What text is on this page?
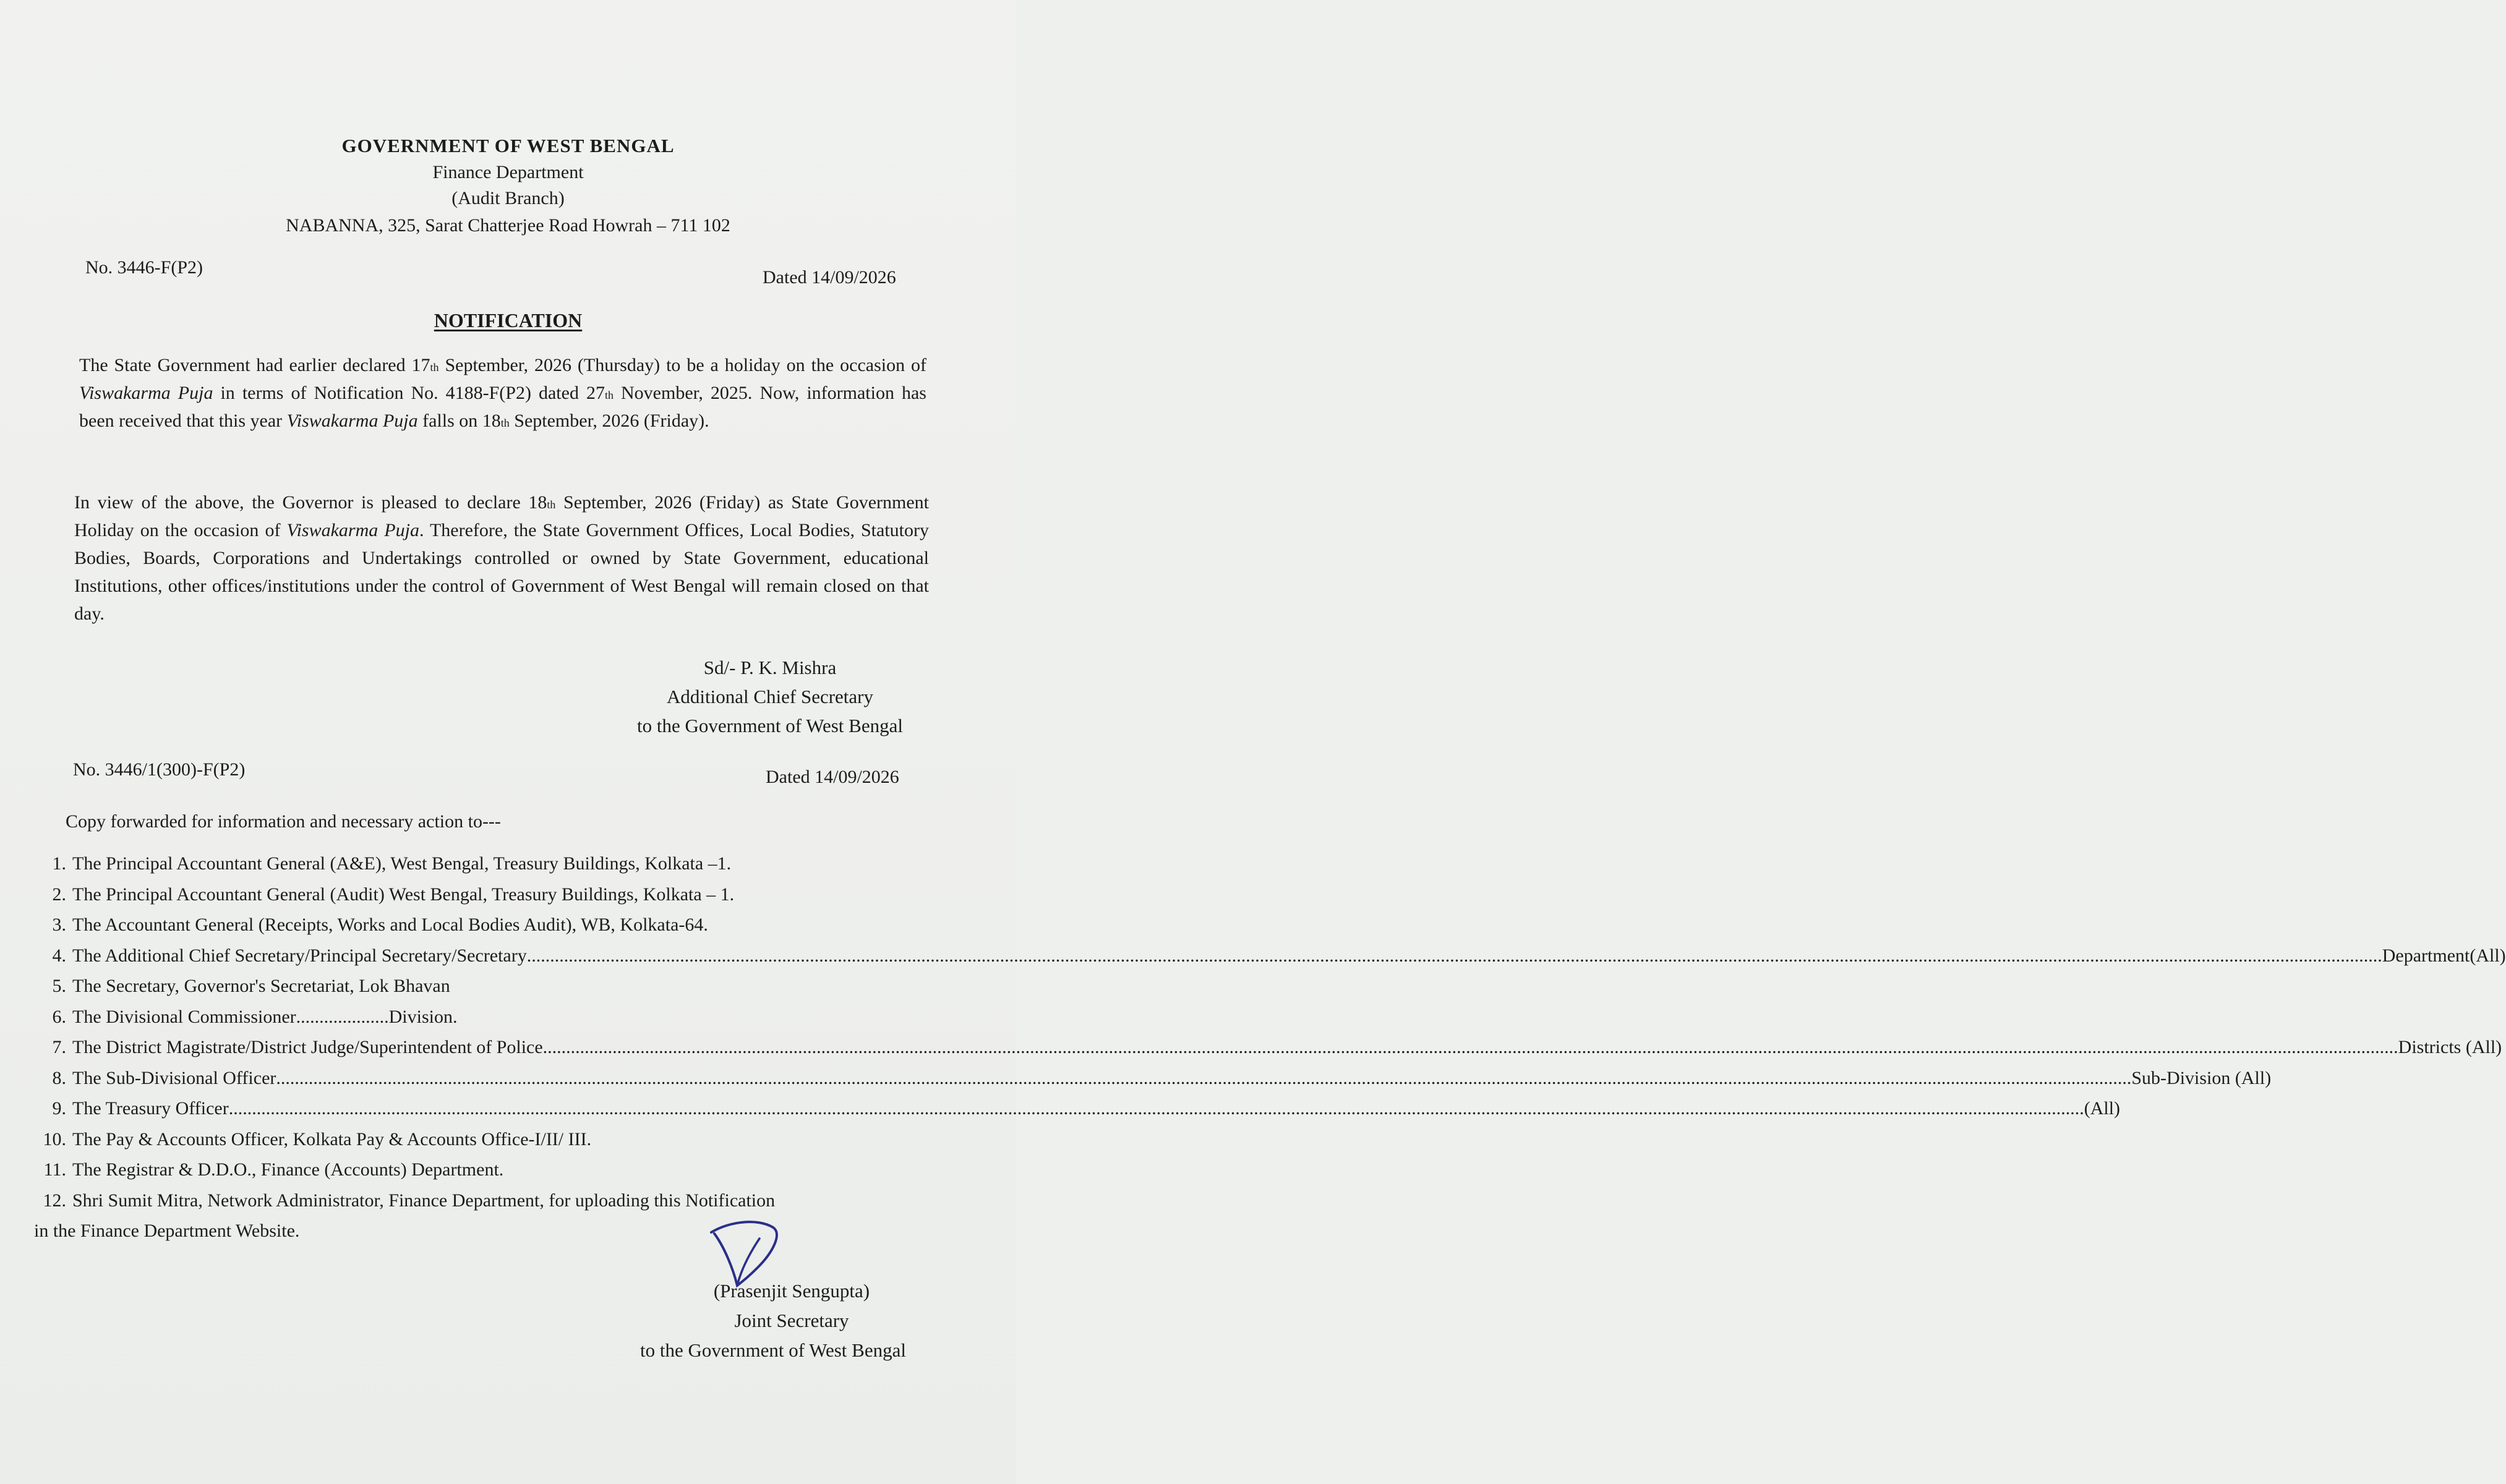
GOVERNMENT OF WEST BENGAL
Finance Department
(Audit Branch)
NABANNA, 325, Sarat Chatterjee Road Howrah – 711 102
No. 3446-F(P2)	Dated 14/09/2026
NOTIFICATION

The State Government had earlier declared 17th September, 2026 (Thursday) to be a holiday on the occasion of Viswakarma Puja in terms of Notification No. 4188-F(P2) dated 27th November, 2025. Now, information has been received that this year Viswakarma Puja falls on 18th September, 2026 (Friday).

In view of the above, the Governor is pleased to declare 18th September, 2026 (Friday) as State Government Holiday on the occasion of Viswakarma Puja. Therefore, the State Government Offices, Local Bodies, Statutory Bodies, Boards, Corporations and Undertakings controlled or owned by State Government, educational Institutions, other offices/institutions under the control of Government of West Bengal will remain closed on that day.

Sd/- P. K. Mishra
Additional Chief Secretary
to the Government of West Bengal
No. 3446/1(300)-F(P2)	Dated 14/09/2026
Copy forwarded for information and necessary action to---
1. The Principal Accountant General (A&E), West Bengal, Treasury Buildings, Kolkata –1.
2. The Principal Accountant General (Audit) West Bengal, Treasury Buildings, Kolkata – 1.
3. The Accountant General (Receipts, Works and Local Bodies Audit), WB, Kolkata-64.
4. The Additional Chief Secretary/Principal Secretary/Secretary ................................................................................................................................................................................................................................................................................................................................................................................................................ Department(All)
5. The Secretary, Governor's Secretariat, Lok Bhavan
6. The Divisional Commissioner .................... Division.
7. The District Magistrate/District Judge/Superintendent of Police ................................................................................................................................................................................................................................................................................................................................................................................................................ Districts (All)
8. The Sub-Divisional Officer ................................................................................................................................................................................................................................................................................................................................................................................................................ Sub-Division (All)
9. The Treasury Officer ................................................................................................................................................................................................................................................................................................................................................................................................................ (All)
10. The Pay & Accounts Officer, Kolkata Pay & Accounts Office-I/II/ III.
11. The Registrar & D.D.O., Finance (Accounts) Department.
12. Shri Sumit Mitra, Network Administrator, Finance Department, for uploading this Notification
in the Finance Department Website.
(Prasenjit Sengupta)
Joint Secretary
to the Government of West Bengal
